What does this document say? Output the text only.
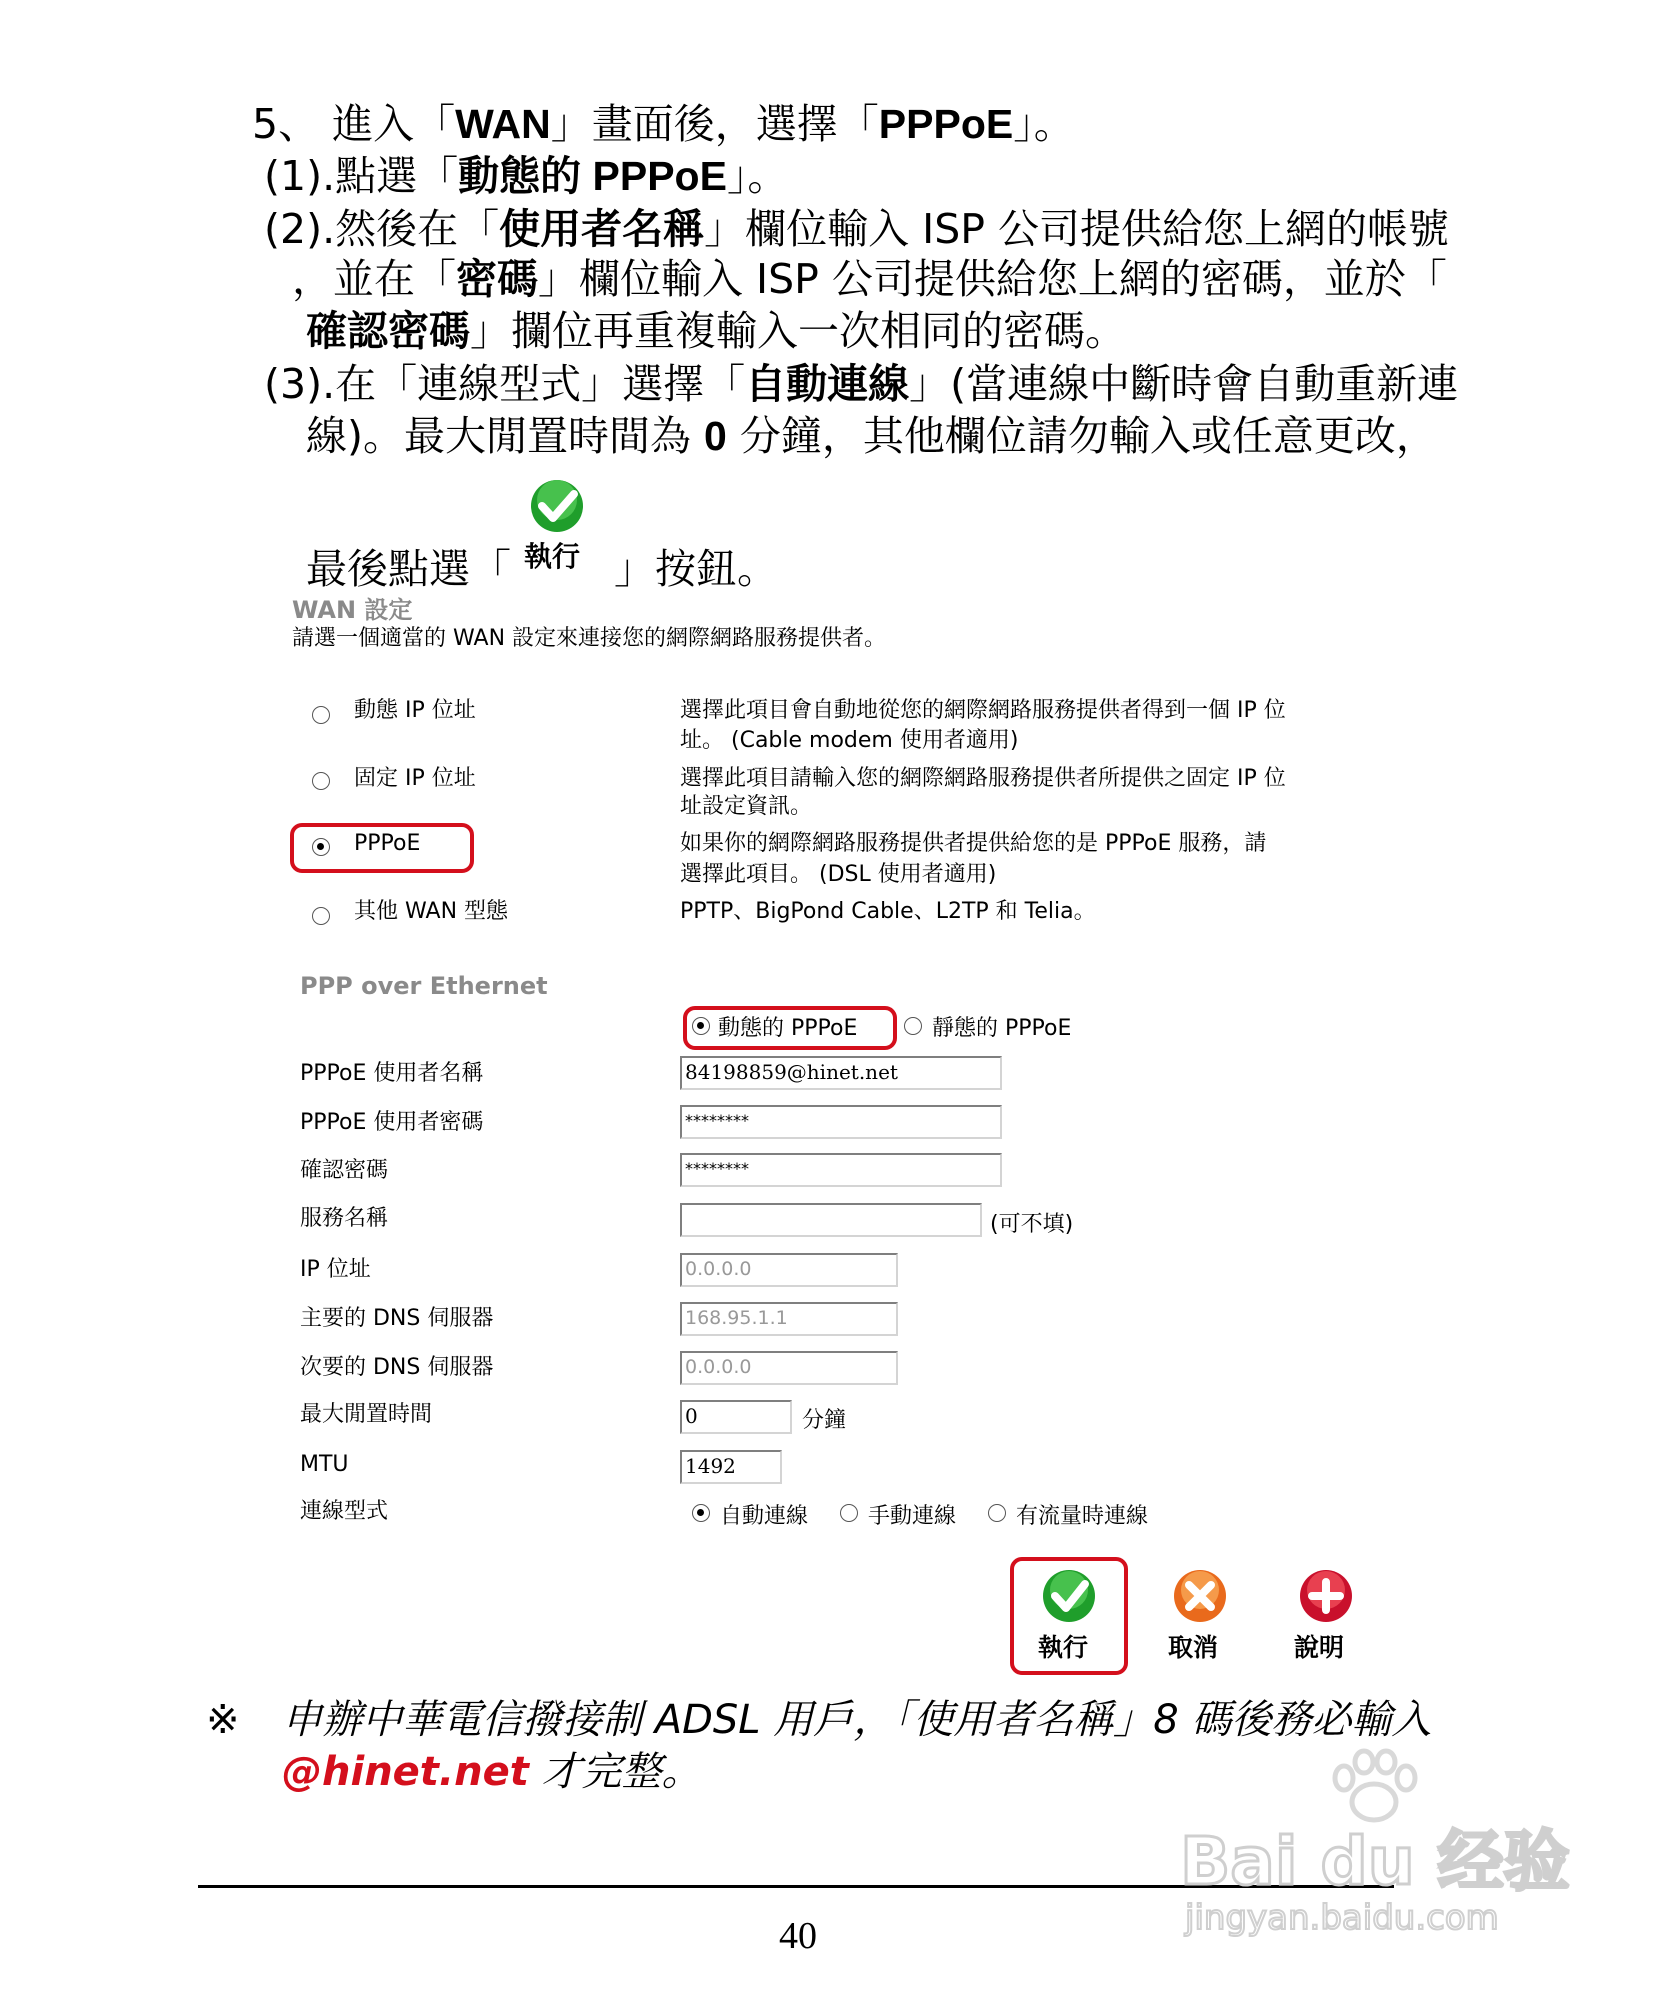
5、 進入「WAN」畫面後，選擇「PPPoE」。
(1).點選「動態的 PPPoE」。
(2).然後在「使用者名稱」欄位輸入 ISP 公司提供給您上網的帳號
，並在「密碼」欄位輸入 ISP 公司提供給您上網的密碼，並於「
確認密碼」攔位再重複輸入一次相同的密碼。
(3).在「連線型式」選擇「自動連線」(當連線中斷時會自動重新連
線)。最大閒置時間為 0 分鐘，其他欄位請勿輸入或任意更改，
最後點選「 執行 」按鈕。
WAN 設定
請選一個適當的 WAN 設定來連接您的網際網路服務提供者。
動態 IP 位址	選擇此項目會自動地從您的網際網路服務提供者得到一個 IP 位
址。 (Cable modem 使用者適用)
固定 IP 位址	選擇此項目請輸入您的網際網路服務提供者所提供之固定 IP 位
址設定資訊。
PPPoE	如果你的網際網路服務提供者提供給您的是 PPPoE 服務，請
選擇此項目。 (DSL 使用者適用)
其他 WAN 型態	PPTP、BigPond Cable、L2TP 和 Telia。
PPP over Ethernet
動態的 PPPoE	靜態的 PPPoE
PPPoE 使用者名稱	84198859@hinet.net
PPPoE 使用者密碼	********
確認密碼	********
服務名稱	(可不填)
IP 位址	0.0.0.0
主要的 DNS 伺服器	168.95.1.1
次要的 DNS 伺服器	0.0.0.0
最大閒置時間	0	分鐘
MTU	1492
連線型式	自動連線	手動連線	有流量時連線
執行	取消	說明
※ 申辦中華電信撥接制 ADSL 用戶，「使用者名稱」8 碼後務必輸入
@hinet.net 才完整。
40
Bai du 经验
jingyan.baidu.com
